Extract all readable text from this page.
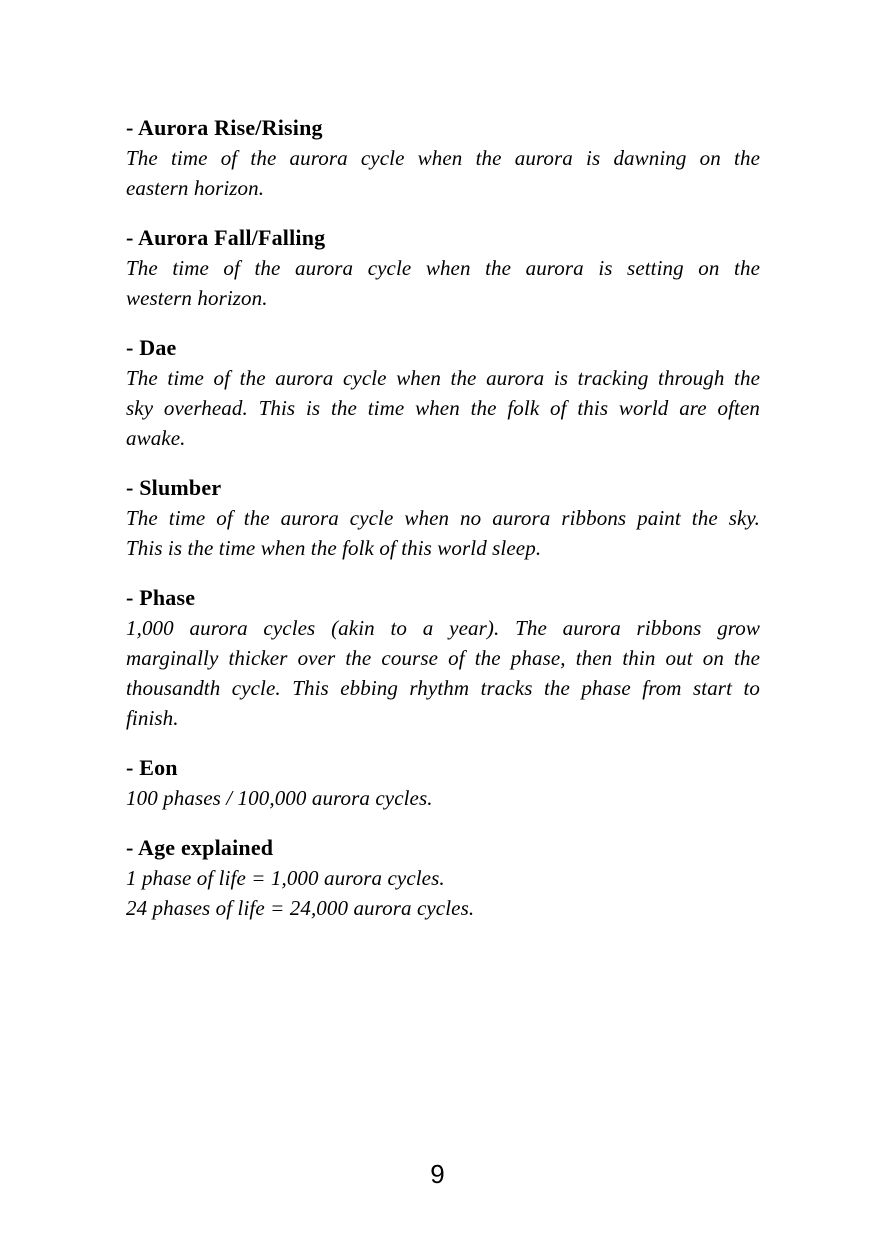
- Aurora Rise/Rising

The time of the aurora cycle when the aurora is dawning on the

eastern horizon.

- Aurora Fall/Falling

The time of the aurora cycle when the aurora is setting on the

western horizon.

- Dae

The time of the aurora cycle when the aurora is tracking through the

sky overhead. This is the time when the folk of this world are often

awake.

- Slumber

The time of the aurora cycle when no aurora ribbons paint the sky.

This is the time when the folk of this world sleep.

- Phase

1,000 aurora cycles (akin to a year). The aurora ribbons grow

marginally thicker over the course of the phase, then thin out on the

thousandth cycle. This ebbing rhythm tracks the phase from start to

finish.

- Eon

100 phases / 100,000 aurora cycles.

- Age explained

1 phase of life = 1,000 aurora cycles.

24 phases of life = 24,000 aurora cycles.

9
